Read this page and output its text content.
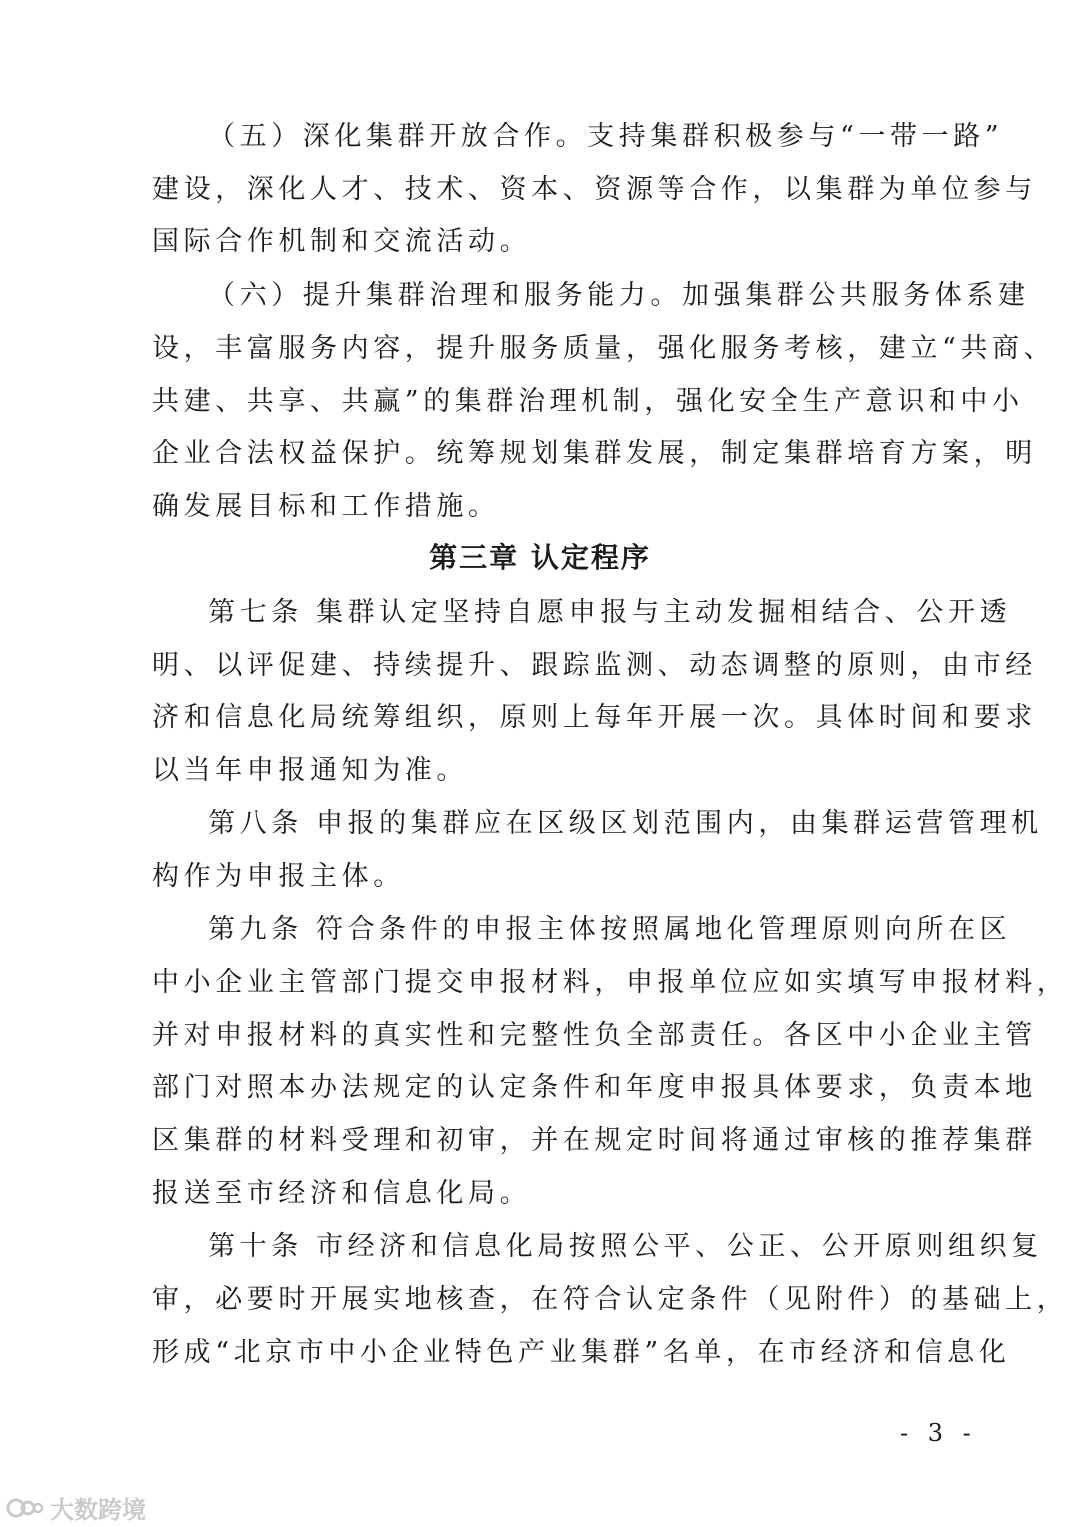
（五）深化集群开放合作。支持集群积极参与“一带一路”
建设，深化人才、技术、资本、资源等合作，以集群为单位参与
国际合作机制和交流活动。
（六）提升集群治理和服务能力。加强集群公共服务体系建
设，丰富服务内容，提升服务质量，强化服务考核，建立“共商、
共建、共享、共赢”的集群治理机制，强化安全生产意识和中小
企业合法权益保护。统筹规划集群发展，制定集群培育方案，明
确发展目标和工作措施。
第七条 集群认定坚持自愿申报与主动发掘相结合、公开透
明、以评促建、持续提升、跟踪监测、动态调整的原则，由市经
济和信息化局统筹组织，原则上每年开展一次。具体时间和要求
以当年申报通知为准。
第八条 申报的集群应在区级区划范围内，由集群运营管理机
构作为申报主体。
第九条 符合条件的申报主体按照属地化管理原则向所在区
中小企业主管部门提交申报材料，申报单位应如实填写申报材料，
并对申报材料的真实性和完整性负全部责任。各区中小企业主管
部门对照本办法规定的认定条件和年度申报具体要求，负责本地
区集群的材料受理和初审，并在规定时间将通过审核的推荐集群
报送至市经济和信息化局。
第十条 市经济和信息化局按照公平、公正、公开原则组织复
审，必要时开展实地核查，在符合认定条件（见附件）的基础上，
形成“北京市中小企业特色产业集群”名单，在市经济和信息化
第三章 认定程序
- 3 -
大数跨境
